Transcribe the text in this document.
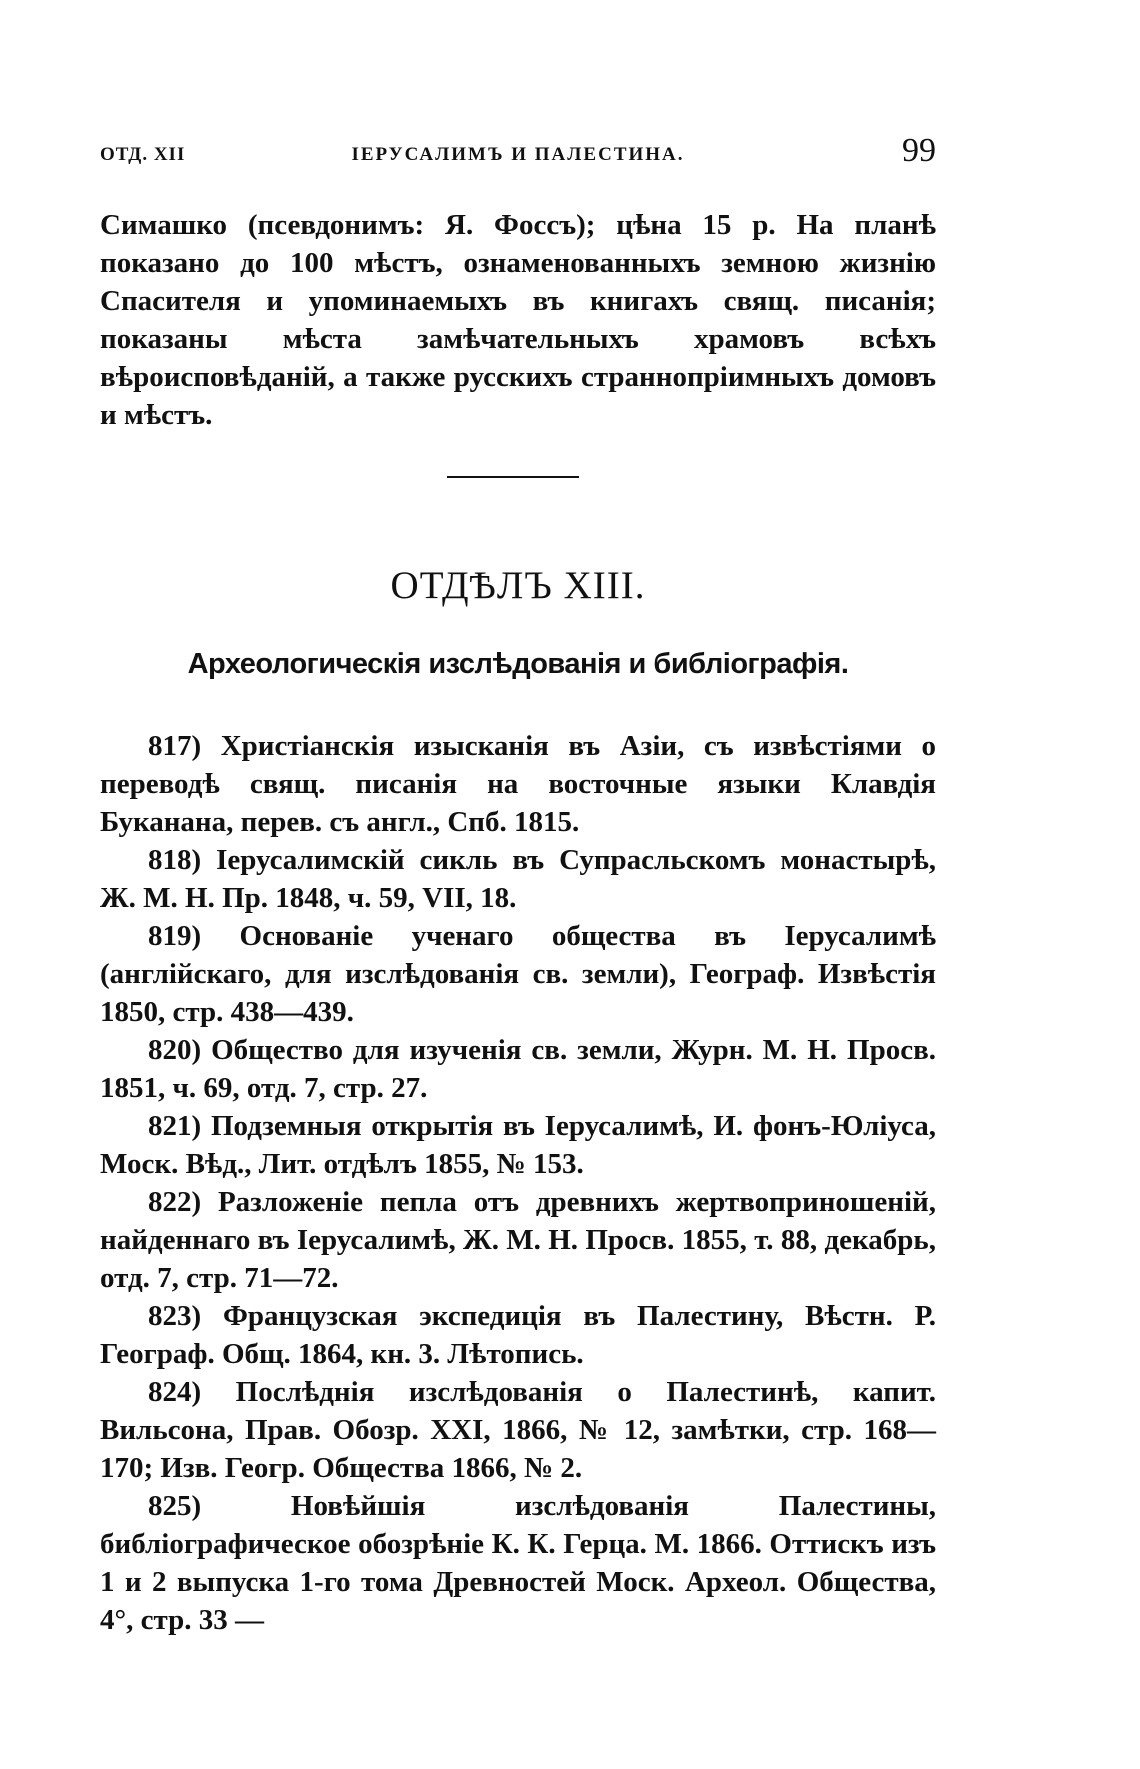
ОТД. XII	ІЕРУСАЛИМЪ И ПАЛЕСТИНА.	99

Симашко (псевдонимъ: Я. Фоссъ); цѣна 15 р. На планѣ показано до 100 мѣстъ, ознаменованныхъ земною жизнію Спасителя и упоминаемыхъ въ книгахъ свящ. писанія; показаны мѣста замѣчательныхъ храмовъ всѣхъ вѣроисповѣданій, а также русскихъ страннопріимныхъ домовъ и мѣстъ.

ОТДѢЛЪ XIII.
Археологическія изслѣдованія и библіографія.

817) Христіанскія изысканія въ Азіи, съ извѣстіями о переводѣ свящ. писанія на восточные языки Клавдія Буканана, перев. съ англ., Спб. 1815.

818) Іерусалимскій сикль въ Супрасльскомъ монастырѣ, Ж. М. Н. Пр. 1848, ч. 59, VII, 18.

819) Основаніе ученаго общества въ Іерусалимѣ (англійскаго, для изслѣдованія св. земли), Географ. Извѣстія 1850, стр. 438—439.

820) Общество для изученія св. земли, Журн. М. Н. Просв. 1851, ч. 69, отд. 7, стр. 27.

821) Подземныя открытія въ Іерусалимѣ, И. фонъ-Юліуса, Моск. Вѣд., Лит. отдѣлъ 1855, № 153.

822) Разложеніе пепла отъ древнихъ жертвоприношеній, найденнаго въ Іерусалимѣ, Ж. М. Н. Просв. 1855, т. 88, декабрь, отд. 7, стр. 71—72.

823) Французская экспедиція въ Палестину, Вѣстн. Р. Географ. Общ. 1864, кн. 3. Лѣтопись.

824) Послѣднія изслѣдованія о Палестинѣ, капит. Вильсона, Прав. Обозр. XXI, 1866, № 12, замѣтки, стр. 168—170; Изв. Геогр. Общества 1866, № 2.

825) Новѣйшія изслѣдованія Палестины, библіографическое обозрѣніе К. К. Герца. М. 1866. Оттискъ изъ 1 и 2 выпуска 1-го тома Древностей Моск. Археол. Общества, 4°, стр. 33 —
